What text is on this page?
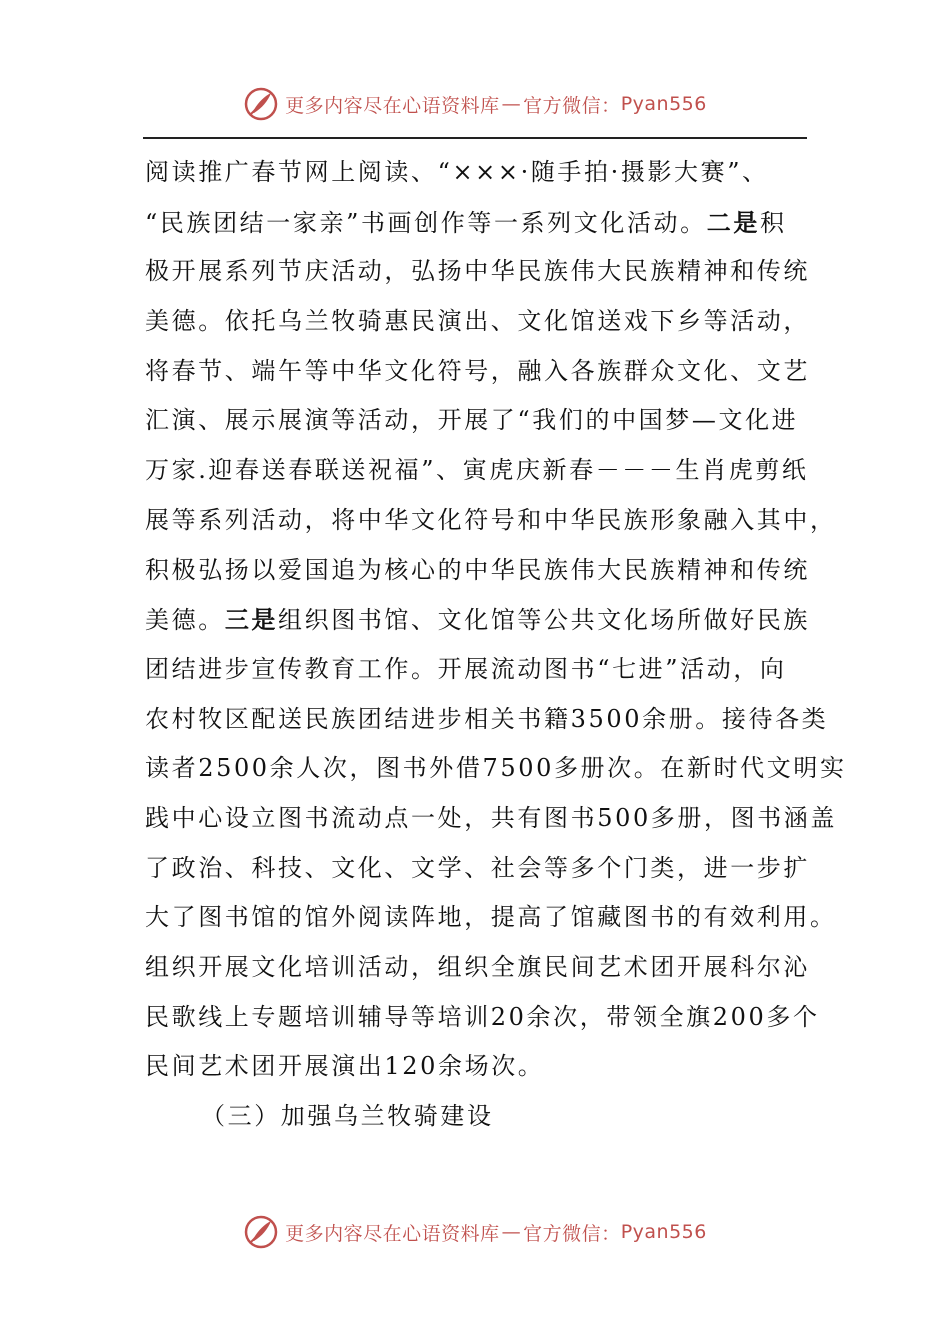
更多内容尽在心语资料库 — 官方微信： Pyan556
阅读推广春节网上阅读、“×××·随手拍·摄影大赛”、
“民族团结一家亲”书画创作等一系列文化活动。二是积
极开展系列节庆活动，弘扬中华民族伟大民族精神和传统
美德。依托乌兰牧骑惠民演出、文化馆送戏下乡等活动，
将春节、端午等中华文化符号，融入各族群众文化、文艺
汇演、展示展演等活动，开展了“我们的中国梦—文化进
万家.迎春送春联送祝福”、寅虎庆新春－－－生肖虎剪纸
展等系列活动，将中华文化符号和中华民族形象融入其中，
积极弘扬以爱国追为核心的中华民族伟大民族精神和传统
美德。三是组织图书馆、文化馆等公共文化场所做好民族
团结进步宣传教育工作。开展流动图书“七进”活动，向
农村牧区配送民族团结进步相关书籍3500余册。接待各类
读者2500余人次，图书外借7500多册次。在新时代文明实
践中心设立图书流动点一处，共有图书500多册，图书涵盖
了政治、科技、文化、文学、社会等多个门类，进一步扩
大了图书馆的馆外阅读阵地，提高了馆藏图书的有效利用。
组织开展文化培训活动，组织全旗民间艺术团开展科尔沁
民歌线上专题培训辅导等培训20余次，带领全旗200多个
民间艺术团开展演出120余场次。
（三）加强乌兰牧骑建设
更多内容尽在心语资料库 — 官方微信： Pyan556
